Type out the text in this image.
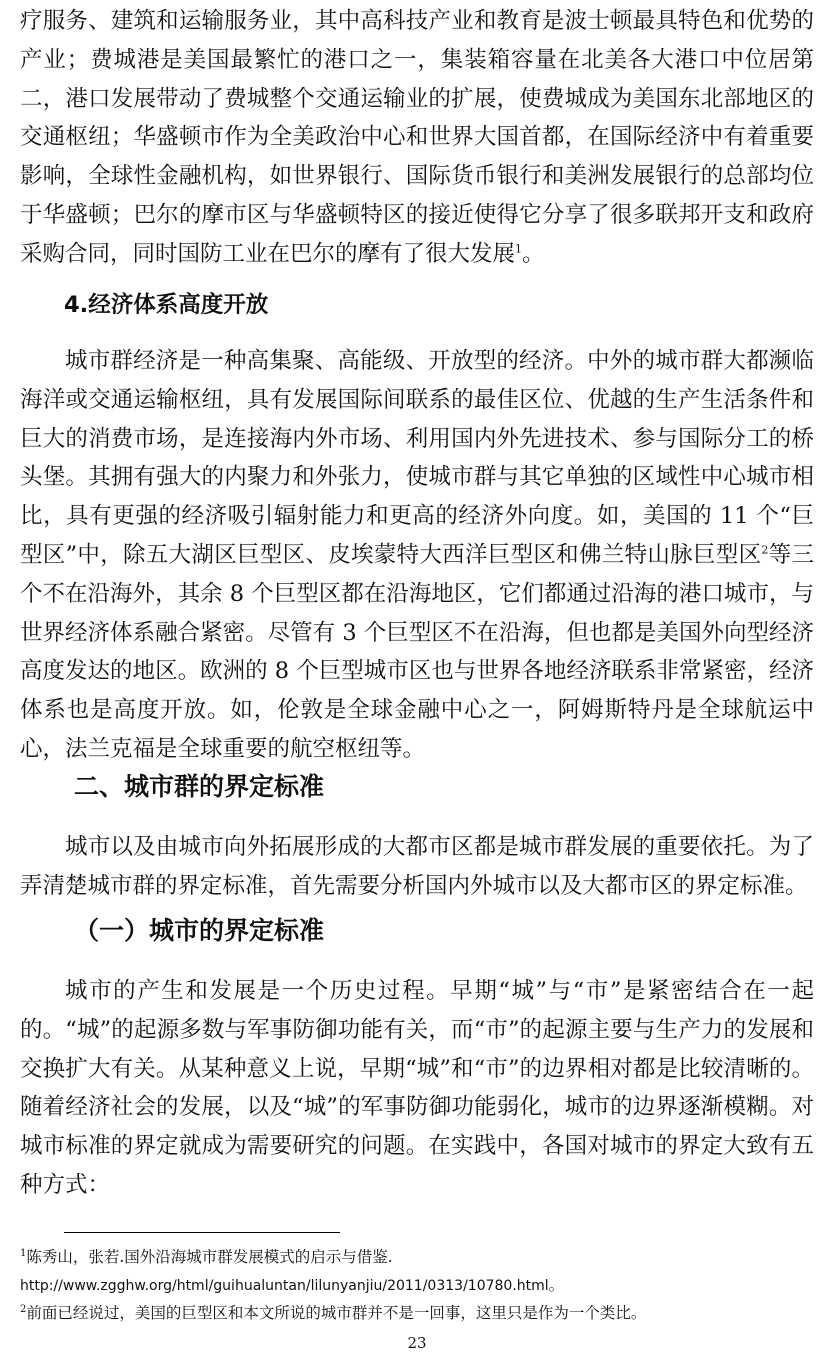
疗服务、建筑和运输服务业，其中高科技产业和教育是波士顿最具特色和优势的产业；费城港是美国最繁忙的港口之一，集装箱容量在北美各大港口中位居第二，港口发展带动了费城整个交通运输业的扩展，使费城成为美国东北部地区的交通枢纽；华盛顿市作为全美政治中心和世界大国首都，在国际经济中有着重要影响，全球性金融机构，如世界银行、国际货币银行和美洲发展银行的总部均位于华盛顿；巴尔的摩市区与华盛顿特区的接近使得它分享了很多联邦开支和政府采购合同，同时国防工业在巴尔的摩有了很大发展$^1$。

4.经济体系高度开放

城市群经济是一种高集聚、高能级、开放型的经济。中外的城市群大都濒临海洋或交通运输枢纽，具有发展国际间联系的最佳区位、优越的生产生活条件和巨大的消费市场，是连接海内外市场、利用国内外先进技术、参与国际分工的桥头堡。其拥有强大的内聚力和外张力，使城市群与其它单独的区域性中心城市相比，具有更强的经济吸引辐射能力和更高的经济外向度。如，美国的 11 个“巨型区”中，除五大湖区巨型区、皮埃蒙特大西洋巨型区和佛兰特山脉巨型区$^2$等三个不在沿海外，其余 8 个巨型区都在沿海地区，它们都通过沿海的港口城市，与世界经济体系融合紧密。尽管有 3 个巨型区不在沿海，但也都是美国外向型经济高度发达的地区。欧洲的 8 个巨型城市区也与世界各地经济联系非常紧密，经济体系也是高度开放。如，伦敦是全球金融中心之一，阿姆斯特丹是全球航运中心，法兰克福是全球重要的航空枢纽等。

二、城市群的界定标准

城市以及由城市向外拓展形成的大都市区都是城市群发展的重要依托。为了弄清楚城市群的界定标准，首先需要分析国内外城市以及大都市区的界定标准。

（一）城市的界定标准

城市的产生和发展是一个历史过程。早期“城”与“市”是紧密结合在一起的。“城”的起源多数与军事防御功能有关，而“市”的起源主要与生产力的发展和交换扩大有关。从某种意义上说，早期“城”和“市”的边界相对都是比较清晰的。随着经济社会的发展，以及“城”的军事防御功能弱化，城市的边界逐渐模糊。对城市标准的界定就成为需要研究的问题。在实践中，各国对城市的界定大致有五种方式：

$^1$陈秀山，张若.国外沿海城市群发展模式的启示与借鉴.

http://www.zgghw.org/html/guihualuntan/lilunyanjiu/2011/0313/10780.html。

$^2$前面已经说过，美国的巨型区和本文所说的城市群并不是一回事，这里只是作为一个类比。

23
